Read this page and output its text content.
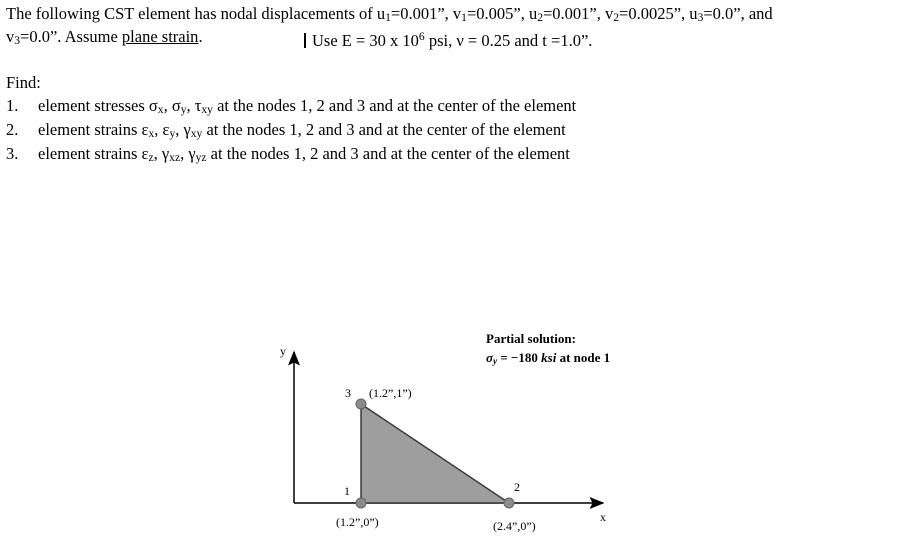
The following CST element has nodal displacements of u1=0.001”, v1=0.005”, u2=0.001”, v2=0.0025”, u3=0.0”, and
v3=0.0”. Assume plane strain.	Use E = 30 x $10^6$ psi, ν = 0.25 and t =1.0”.
Find:
1. element stresses σx, σy, τxy at the nodes 1, 2 and 3 and at the center of the element
2. element strains εx, εy, γxy at the nodes 1, 2 and 3 and at the center of the element
3. element strains εz, γxz, γyz at the nodes 1, 2 and 3 and at the center of the element
Partial solution:
$\sigma_y = -180$ ksi at node 1
y
x
3 (1.2”,1”)
1
(1.2”,0”)
2
(2.4”,0”)
